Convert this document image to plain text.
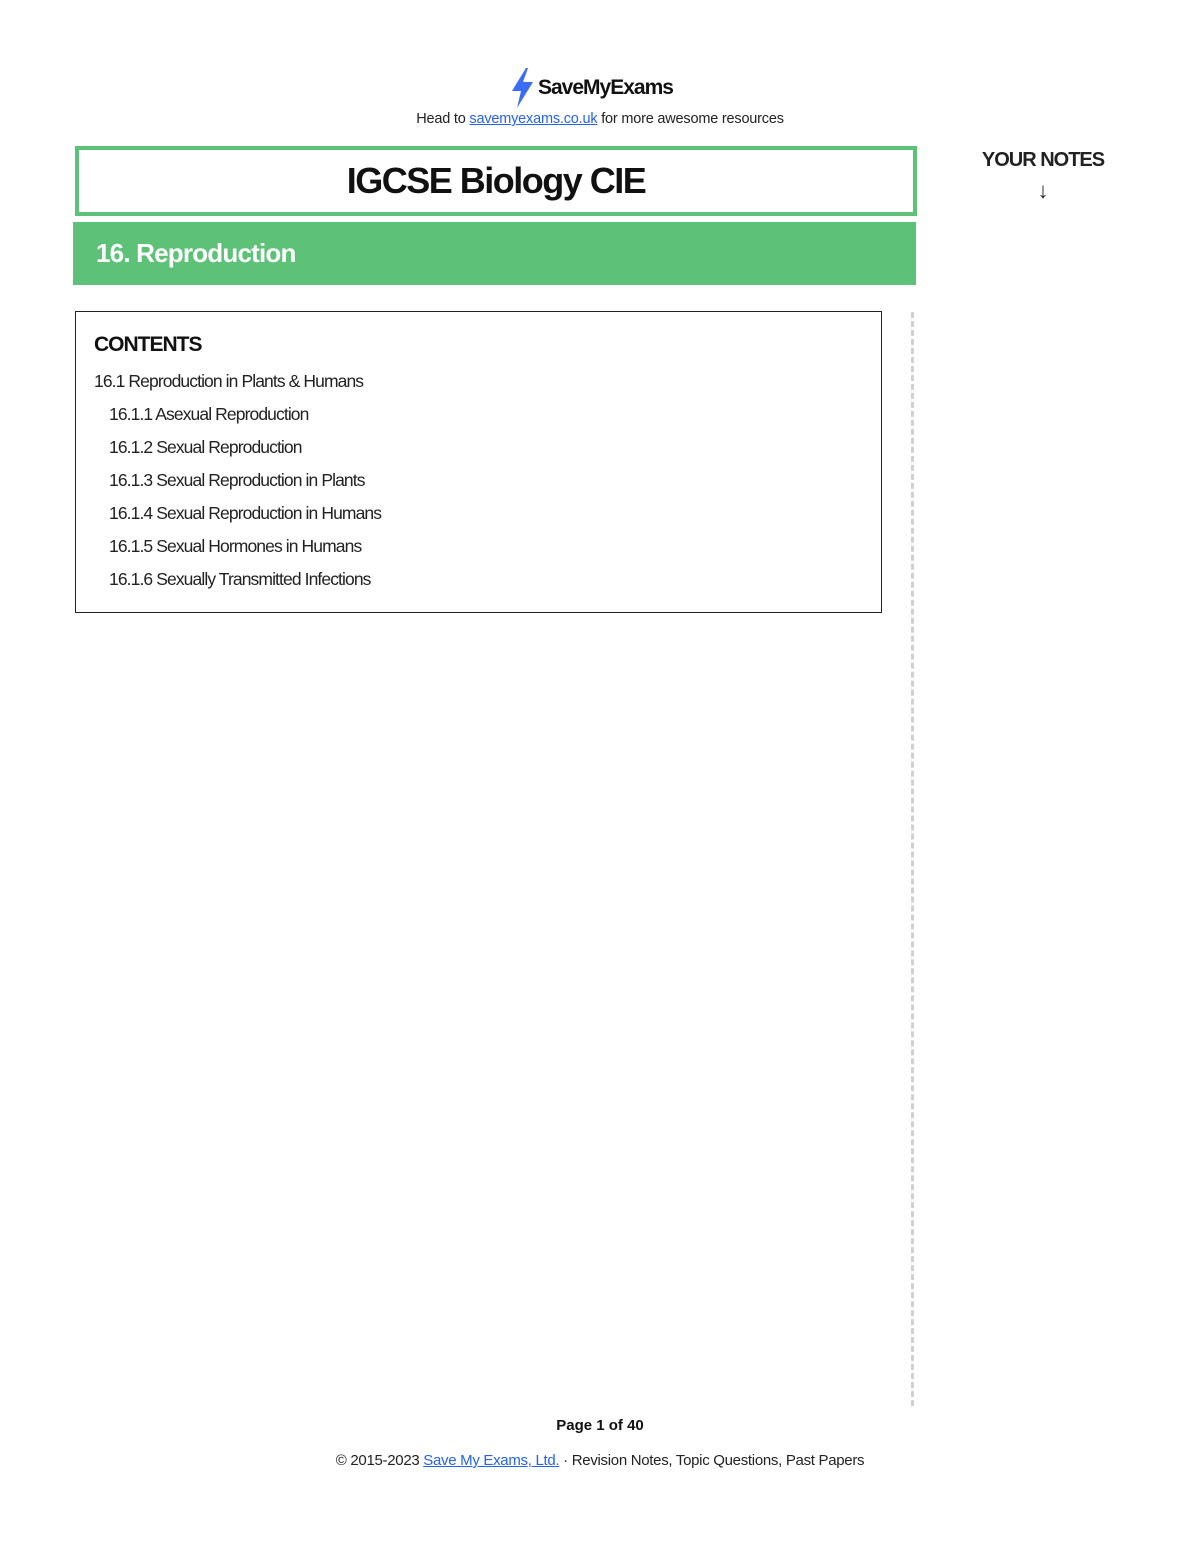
SaveMyExams
Head to savemyexams.co.uk for more awesome resources
IGCSE Biology CIE
16. Reproduction
YOUR NOTES
↓
CONTENTS
16.1 Reproduction in Plants & Humans
16.1.1 Asexual Reproduction
16.1.2 Sexual Reproduction
16.1.3 Sexual Reproduction in Plants
16.1.4 Sexual Reproduction in Humans
16.1.5 Sexual Hormones in Humans
16.1.6 Sexually Transmitted Infections
Page 1 of 40
© 2015-2023 Save My Exams, Ltd. · Revision Notes, Topic Questions, Past Papers
